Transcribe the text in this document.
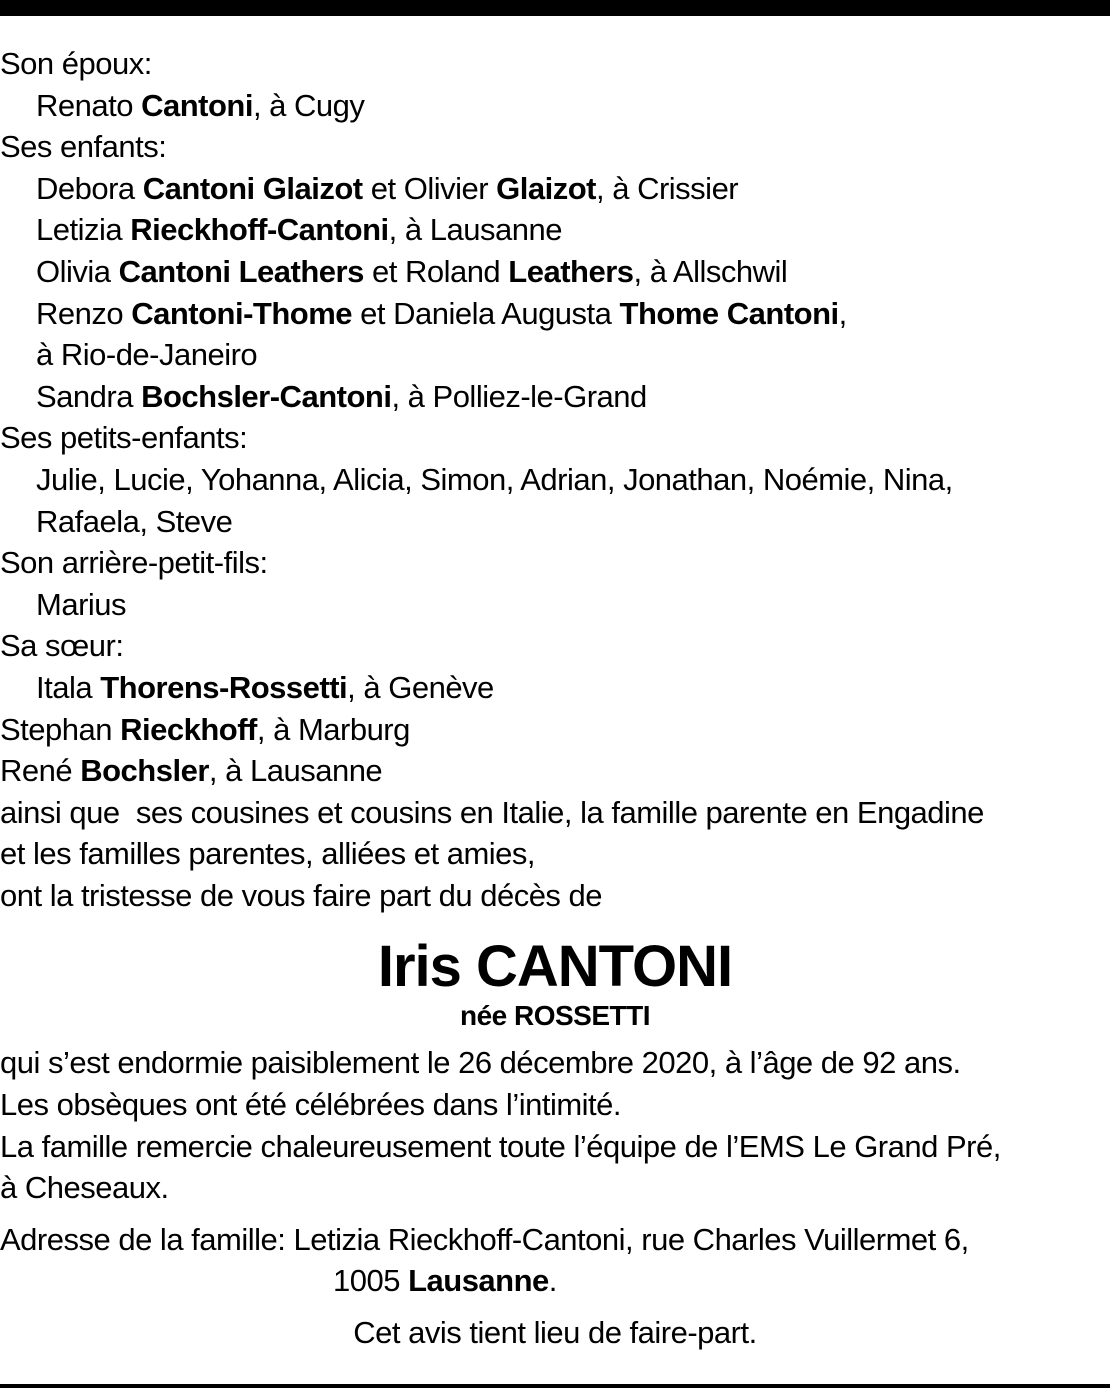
Son époux:
Renato Cantoni, à Cugy
Ses enfants:
Debora Cantoni Glaizot et Olivier Glaizot, à Crissier
Letizia Rieckhoff-Cantoni, à Lausanne
Olivia Cantoni Leathers et Roland Leathers, à Allschwil
Renzo Cantoni-Thome et Daniela Augusta Thome Cantoni,
à Rio-de-Janeiro
Sandra Bochsler-Cantoni, à Polliez-le-Grand
Ses petits-enfants:
Julie, Lucie, Yohanna, Alicia, Simon, Adrian, Jonathan, Noémie, Nina,
Rafaela, Steve
Son arrière-petit-fils:
Marius
Sa sœur:
Itala Thorens-Rossetti, à Genève
Stephan Rieckhoff, à Marburg
René Bochsler, à Lausanne
ainsi que  ses cousines et cousins en Italie, la famille parente en Engadine
et les familles parentes, alliées et amies,
ont la tristesse de vous faire part du décès de
Iris CANTONI
née ROSSETTI
qui s’est endormie paisiblement le 26 décembre 2020, à l’âge de 92 ans.
Les obsèques ont été célébrées dans l’intimité.
La famille remercie chaleureusement toute l’équipe de l’EMS Le Grand Pré,
à Cheseaux.
Adresse de la famille: Letizia Rieckhoff-Cantoni, rue Charles Vuillermet 6,
1005 Lausanne.
Cet avis tient lieu de faire-part.
